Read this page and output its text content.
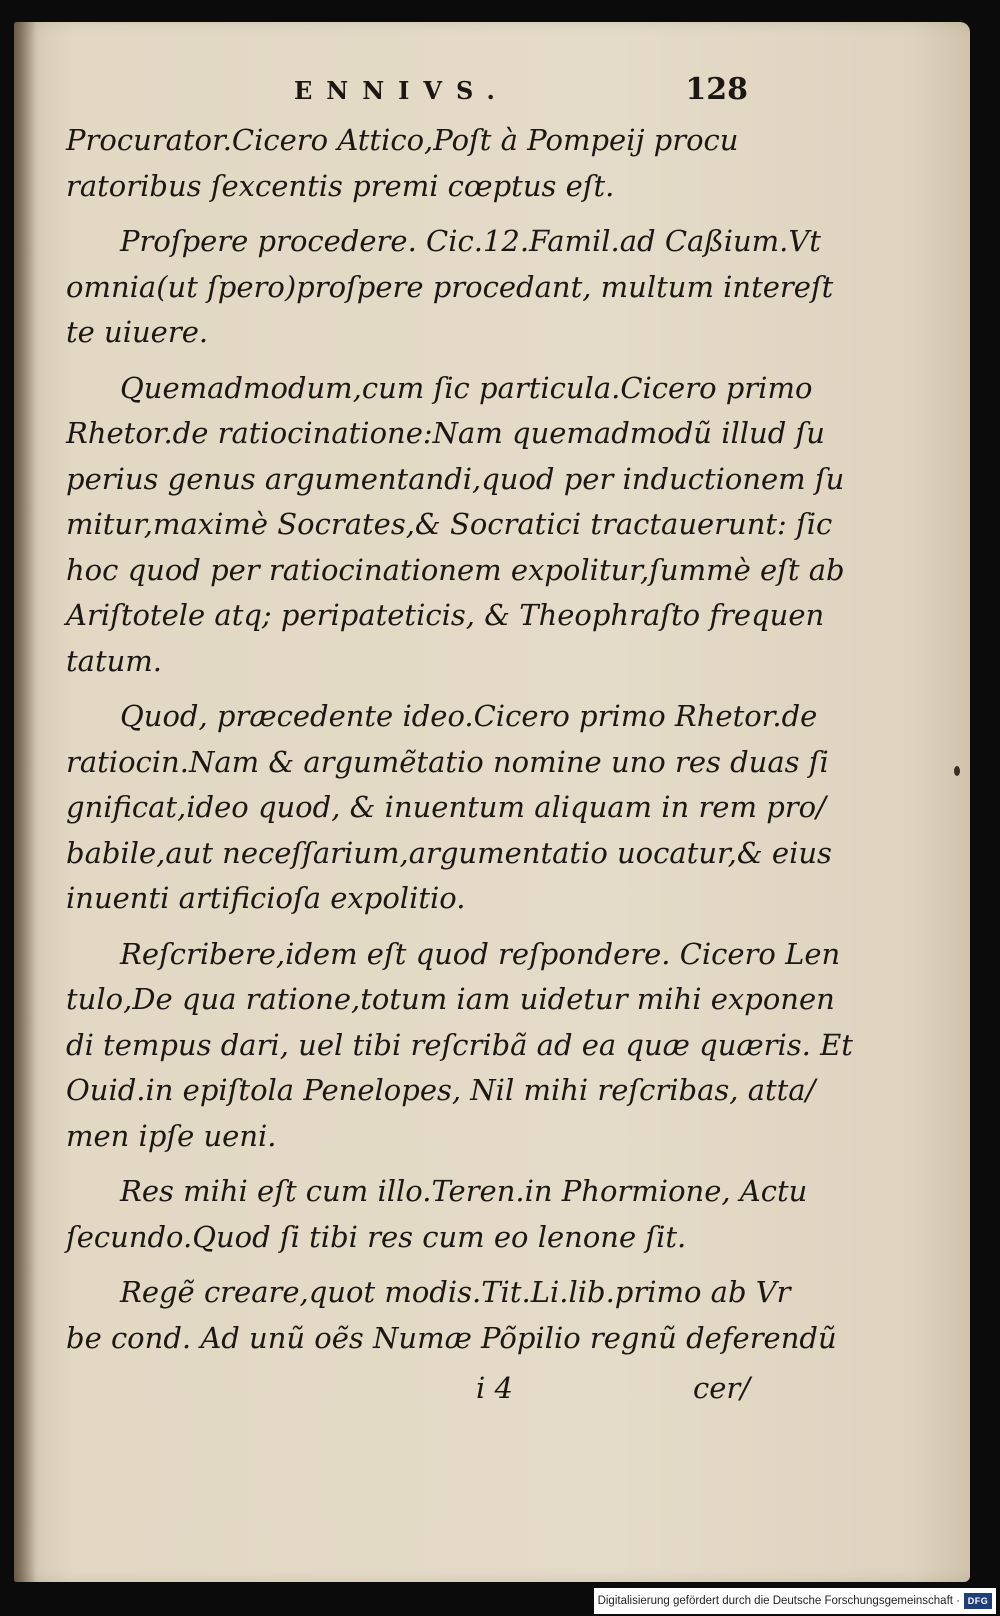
ENNIVS.	128

Procurator.Cicero Attico,Poſt à Pompeij procu
ratoribus ſexcentis premi cœptus eſt.

Proſpere procedere. Cic.12.Famil.ad Caßium.Vt
omnia(ut ſpero)proſpere procedant, multum intereſt
te uiuere.

Quemadmodum,cum ſic particula.Cicero primo
Rhetor.de ratiocinatione:Nam quemadmodũ illud ſu
perius genus argumentandi,quod per inductionem ſu
mitur,maximè Socrates,& Socratici tractauerunt: ſic
hoc quod per ratiocinationem expolitur,ſummè eſt ab
Ariſtotele atq; peripateticis, & Theophraſto frequen
tatum.

Quod, præcedente ideo.Cicero primo Rhetor.de
ratiocin.Nam & argumẽtatio nomine uno res duas ſi
gnificat,ideo quod, & inuentum aliquam in rem pro/
babile,aut neceſſarium,argumentatio uocatur,& eius
inuenti artificioſa expolitio.

Reſcribere,idem eſt quod reſpondere. Cicero Len
tulo,De qua ratione,totum iam uidetur mihi exponen
di tempus dari, uel tibi reſcribã ad ea quæ quæris. Et
Ouid.in epiſtola Penelopes, Nil mihi reſcribas, atta/
men ipſe ueni.

Res mihi eſt cum illo.Teren.in Phormione, Actu
ſecundo.Quod ſi tibi res cum eo lenone ſit.

Regẽ creare,quot modis.Tit.Li.lib.primo ab Vr
be cond. Ad unũ oẽs Numæ Põpilio regnũ deferendũ

i 4	cer/
Digitalisierung gefördert durch die Deutsche Forschungsgemeinschaft · DFG
